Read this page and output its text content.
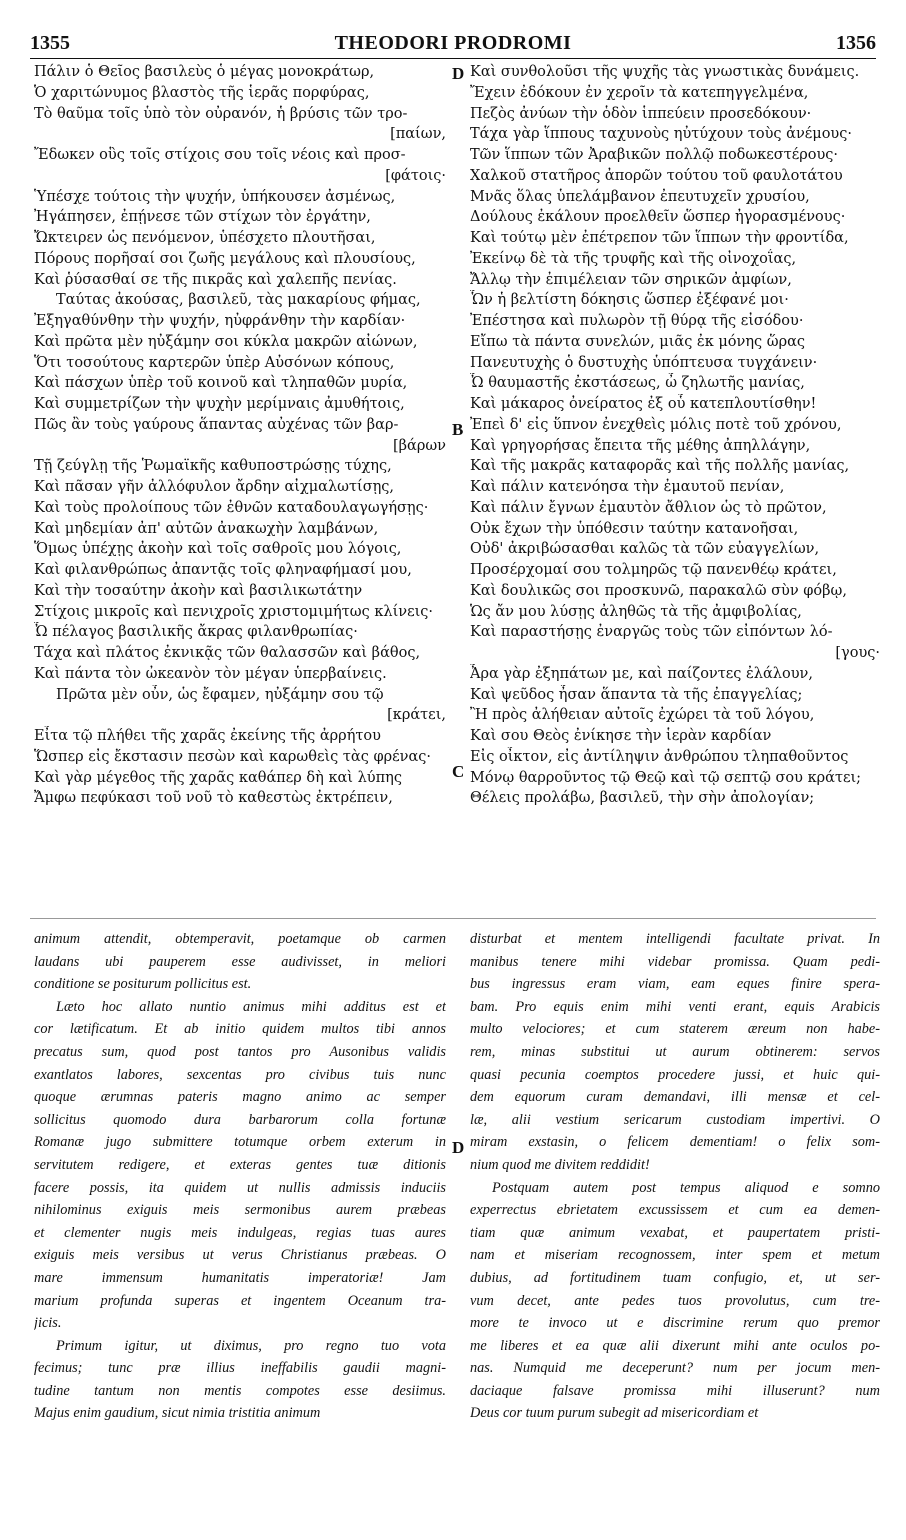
1355	THEODORI PRODROMI	1356
Πάλιν ὁ Θεῖος βασιλεὺς ὁ μέγας μονοκράτωρ,
Ὁ χαριτώνυμος βλαστὸς τῆς ἱερᾶς πορφύρας,
Τὸ θαῦμα τοῖς ὑπὸ τὸν οὐρανόν, ἡ βρύσις τῶν τρο-
[παίων,
Ἔδωκεν οὓς τοῖς στίχοις σου τοῖς νέοις καὶ προσ-
[φάτοις·
Ὑπέσχε τούτοις τὴν ψυχήν, ὑπήκουσεν ἀσμένως,
Ἠγάπησεν, ἐπῄνεσε τῶν στίχων τὸν ἐργάτην,
Ὤκτειρεν ὡς πενόμενον, ὑπέσχετο πλουτῆσαι,
Πόρους πορῆσαί σοι ζωῆς μεγάλους καὶ πλουσίους,
Καὶ ῥύσασθαί σε τῆς πικρᾶς καὶ χαλεπῆς πενίας.
Ταύτας ἀκούσας, βασιλεῦ, τὰς μακαρίους φήμας,
Ἐξηγαθύνθην τὴν ψυχήν, ηὐφράνθην τὴν καρδίαν·
Καὶ πρῶτα μὲν ηὐξάμην σοι κύκλα μακρῶν αἰώνων,
Ὅτι τοσούτους καρτερῶν ὑπὲρ Αὐσόνων κόπους,
Καὶ πάσχων ὑπὲρ τοῦ κοινοῦ καὶ τληπαθῶν μυρία,
Καὶ συμμετρίζων τὴν ψυχὴν μερίμναις ἀμυθήτοις,
Πῶς ἂν τοὺς γαύρους ἅπαντας αὐχένας τῶν βαρ-
[βάρων
Τῇ ζεύγλῃ τῆς Ῥωμαϊκῆς καθυποστρώσῃς τύχης,
Καὶ πᾶσαν γῆν ἀλλόφυλον ἄρδην αἰχμαλωτίσῃς,
Καὶ τοὺς προλοίπους τῶν ἐθνῶν καταδουλαγωγήσῃς·
Καὶ μηδεμίαν ἀπ' αὐτῶν ἀνακωχὴν λαμβάνων,
Ὅμως ὑπέχῃς ἀκοὴν καὶ τοῖς σαθροῖς μου λόγοις,
Καὶ φιλανθρώπως ἀπαντᾷς τοῖς φληναφήμασί μου,
Καὶ τὴν τοσαύτην ἀκοὴν καὶ βασιλικωτάτην
Στίχοις μικροῖς καὶ πενιχροῖς χριστομιμήτως κλίνεις·
Ὦ πέλαγος βασιλικῆς ἄκρας φιλανθρωπίας·
Τάχα καὶ πλάτος ἐκνικᾷς τῶν θαλασσῶν καὶ βάθος,
Καὶ πάντα τὸν ὠκεανὸν τὸν μέγαν ὑπερβαίνεις.
Πρῶτα μὲν οὖν, ὡς ἔφαμεν, ηὐξάμην σου τῷ
[κράτει,
Εἶτα τῷ πλήθει τῆς χαρᾶς ἐκείνης τῆς ἀρρήτου
Ὥσπερ εἰς ἔκστασιν πεσὼν καὶ καρωθεὶς τὰς φρένας·
Καὶ γὰρ μέγεθος τῆς χαρᾶς καθάπερ δὴ καὶ λύπης
Ἄμφω πεφύκασι τοῦ νοῦ τὸ καθεστὼς ἐκτρέπειν,
Καὶ συνθολοῦσι τῆς ψυχῆς τὰς γνωστικὰς δυνάμεις.
Ἔχειν ἐδόκουν ἐν χεροῖν τὰ κατεπηγγελμένα,
Πεζὸς ἀνύων τὴν ὁδὸν ἱππεύειν προσεδόκουν·
Τάχα γὰρ ἵππους ταχυνοὺς ηὐτύχουν τοὺς ἀνέμους·
Τῶν ἵππων τῶν Ἀραβικῶν πολλῷ ποδωκεστέρους·
Χαλκοῦ στατῆρος ἀπορῶν τούτου τοῦ φαυλοτάτου
Μνᾶς ὅλας ὑπελάμβανον ἐπευτυχεῖν χρυσίου,
Δούλους ἐκάλουν προελθεῖν ὥσπερ ἠγορασμένους·
Καὶ τούτῳ μὲν ἐπέτρεπον τῶν ἵππων τὴν φροντίδα,
Ἐκείνῳ δὲ τὰ τῆς τρυφῆς καὶ τῆς οἰνοχοΐας,
Ἄλλῳ τὴν ἐπιμέλειαν τῶν σηρικῶν ἀμφίων,
Ὧν ἡ βελτίστη δόκησις ὥσπερ ἐξέφανέ μοι·
Ἐπέστησα καὶ πυλωρὸν τῇ θύρᾳ τῆς εἰσόδου·
Εἴπω τὰ πάντα συνελών, μιᾶς ἐκ μόνης ὥρας
Πανευτυχὴς ὁ δυστυχὴς ὑπόπτευσα τυγχάνειν·
Ὦ θαυμαστῆς ἐκστάσεως, ὦ ζηλωτῆς μανίας,
Καὶ μάκαρος ὀνείρατος ἐξ οὗ κατεπλουτίσθην!
Ἐπεὶ δ' εἰς ὕπνον ἐνεχθεὶς μόλις ποτὲ τοῦ χρόνου,
Καὶ γρηγορήσας ἔπειτα τῆς μέθης ἀπηλλάγην,
Καὶ τῆς μακρᾶς καταφορᾶς καὶ τῆς πολλῆς μανίας,
Καὶ πάλιν κατενόησα τὴν ἐμαυτοῦ πενίαν,
Καὶ πάλιν ἔγνων ἐμαυτὸν ἄθλιον ὡς τὸ πρῶτον,
Οὐκ ἔχων τὴν ὑπόθεσιν ταύτην κατανοῆσαι,
Οὐδ' ἀκριβώσασθαι καλῶς τὰ τῶν εὐαγγελίων,
Προσέρχομαί σου τολμηρῶς τῷ πανενθέῳ κράτει,
Καὶ δουλικῶς σοι προσκυνῶ, παρακαλῶ σὺν φόβῳ,
Ὡς ἄν μου λύσῃς ἀληθῶς τὰ τῆς ἀμφιβολίας,
Καὶ παραστήσῃς ἐναργῶς τοὺς τῶν εἰπόντων λό-
[γους·
Ἆρα γὰρ ἐξηπάτων με, καὶ παίζοντες ἐλάλουν,
Καὶ ψεῦδος ἦσαν ἅπαντα τὰ τῆς ἐπαγγελίας;
Ἢ πρὸς ἀλήθειαν αὐτοῖς ἐχώρει τὰ τοῦ λόγου,
Καὶ σου Θεὸς ἐνίκησε τὴν ἱερὰν καρδίαν
Εἰς οἶκτον, εἰς ἀντίληψιν ἀνθρώπου τληπαθοῦντος
Μόνῳ θαρροῦντος τῷ Θεῷ καὶ τῷ σεπτῷ σου κράτει;
Θέλεις προλάβω, βασιλεῦ, τὴν σὴν ἀπολογίαν;
D
B
C
animum attendit, obtemperavit, poetamque ob carmen
laudans ubi pauperem esse audivisset, in meliori
conditione se positurum pollicitus est.
Læto hoc allato nuntio animus mihi additus est et
cor lætificatum. Et ab initio quidem multos tibi annos
precatus sum, quod post tantos pro Ausonibus validis
exantlatos labores, sexcentas pro civibus tuis nunc
quoque ærumnas pateris magno animo ac semper
sollicitus quomodo dura barbarorum colla fortunæ
Romanæ jugo submittere totumque orbem exterum in
servitutem redigere, et exteras gentes tuæ ditionis
facere possis, ita quidem ut nullis admissis induciis
nihilominus exiguis meis sermonibus aurem præbeas
et clementer nugis meis indulgeas, regias tuas aures
exiguis meis versibus ut verus Christianus præbeas. O
mare immensum humanitatis imperatoriæ! Jam
marium profunda superas et ingentem Oceanum tra-
jicis.
Primum igitur, ut diximus, pro regno tuo vota
fecimus; tunc præ illius ineffabilis gaudii magni-
tudine tantum non mentis compotes esse desiimus.
Majus enim gaudium, sicut nimia tristitia animum
disturbat et mentem intelligendi facultate privat. In
manibus tenere mihi videbar promissa. Quam pedi-
bus ingressus eram viam, eam eques finire spera-
bam. Pro equis enim mihi venti erant, equis Arabicis
multo velociores; et cum staterem æreum non habe-
rem, minas substitui ut aurum obtinerem: servos
quasi pecunia coemptos procedere jussi, et huic qui-
dem equorum curam demandavi, illi mensæ et cel-
læ, alii vestium sericarum custodiam impertivi. O
miram exstasin, o felicem dementiam! o felix som-
nium quod me divitem reddidit!
Postquam autem post tempus aliquod e somno
experrectus ebrietatem excussissem et cum ea demen-
tiam quæ animum vexabat, et paupertatem pristi-
nam et miseriam recognossem, inter spem et metum
dubius, ad fortitudinem tuam confugio, et, ut ser-
vum decet, ante pedes tuos provolutus, cum tre-
more te invoco ut e discrimine rerum quo premor
me liberes et ea quæ alii dixerunt mihi ante oculos po-
nas. Numquid me deceperunt? num per jocum men-
daciaque falsave promissa mihi illuserunt? num
Deus cor tuum purum subegit ad misericordiam et
D
